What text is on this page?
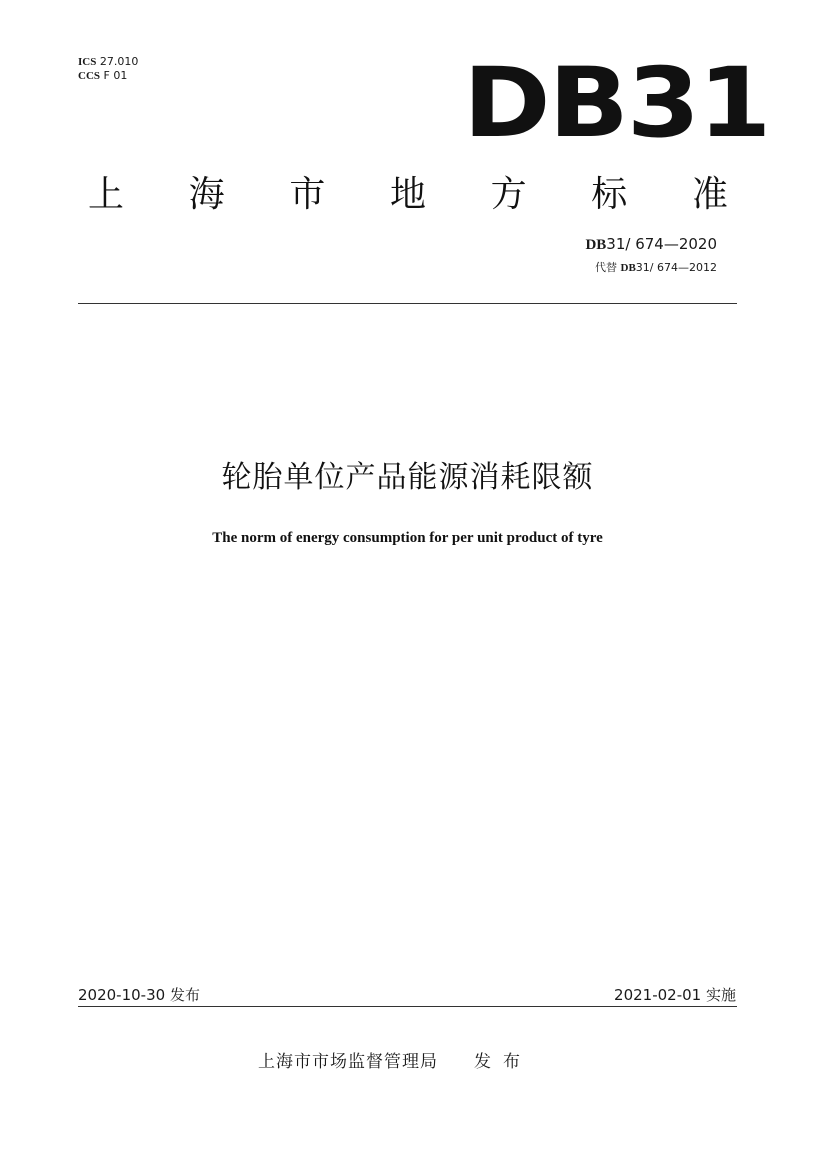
ICS 27.010
CCS F 01	DB31
上 海 市 地 方 标 准
DB31/ 674—2020
代替 DB31/ 674—2012
轮胎单位产品能源消耗限额
The norm of energy consumption for per unit product of tyre
2020-10-30 发布	2021-02-01 实施
上海市市场监督管理局 发布
